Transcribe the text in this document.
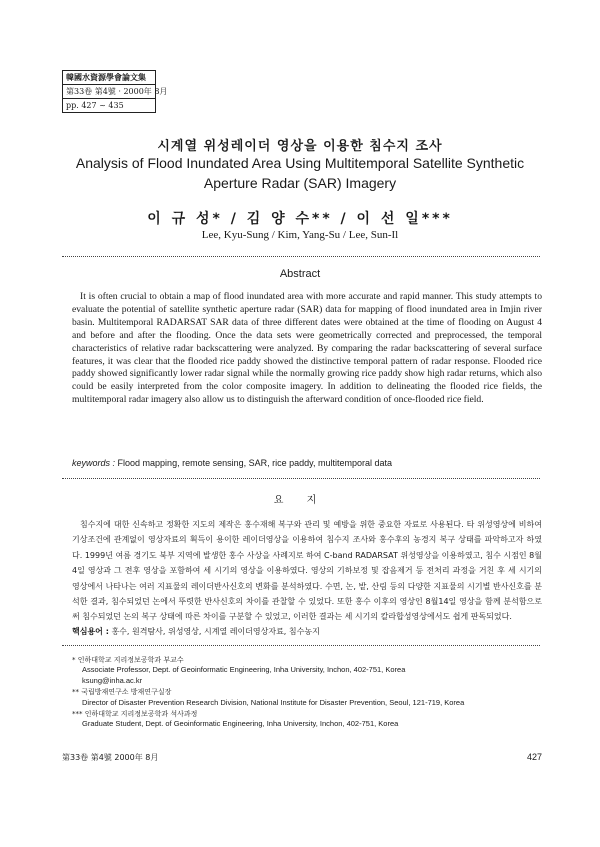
韓國水資源學會論文集
第33卷 第4號 · 2000年 8月
pp. 427 ~ 435
시계열 위성레이더 영상을 이용한 침수지 조사
Analysis of Flood Inundated Area Using Multitemporal Satellite Synthetic
Aperture Radar (SAR) Imagery
이 규 성* / 김 양 수** / 이 선 일***
Lee, Kyu-Sung / Kim, Yang-Su / Lee, Sun-Il
Abstract

It is often crucial to obtain a map of flood inundated area with more accurate and rapid manner. This study attempts to evaluate the potential of satellite synthetic aperture radar (SAR) data for mapping of flood inundated area in Imjin river basin. Multitemporal RADARSAT SAR data of three different dates were obtained at the time of flooding on August 4 and before and after the flooding. Once the data sets were geometrically corrected and preprocessed, the temporal characteristics of relative radar backscattering were analyzed. By comparing the radar backscattering of several surface features, it was clear that the flooded rice paddy showed the distinctive temporal pattern of radar response. Flooded rice paddy showed significantly lower radar signal while the normally growing rice paddy show high radar returns, which also could be easily interpreted from the color composite imagery. In addition to delineating the flooded rice fields, the multitemporal radar imagery also allow us to distinguish the afterward condition of once-flooded rice field.

keywords : Flood mapping, remote sensing, SAR, rice paddy, multitemporal data
요 지

침수지에 대한 신속하고 정확한 지도의 제작은 홍수재해 복구와 관리 및 예방을 위한 중요한 자료로 사용된다. 타 위성영상에 비하여 기상조건에 관계없이 영상자료의 획득이 용이한 레이더영상을 이용하여 침수지 조사와 홍수후의 농경지 복구 상태를 파악하고자 하였다. 1999년 여름 경기도 북부 지역에 발생한 홍수 사상을 사례지로 하여 C-band RADARSAT 위성영상을 이용하였고, 침수 시점인 8월4일 영상과 그 전후 영상을 포함하여 세 시기의 영상을 이용하였다. 영상의 기하보정 및 잡음제거 등 전처리 과정을 거친 후 세 시기의 영상에서 나타나는 여러 지표물의 레이더반사신호의 변화를 분석하였다. 수면, 논, 밭, 산림 등의 다양한 지표물의 시기별 반사신호를 분석한 결과, 침수되었던 논에서 뚜렷한 반사신호의 차이를 관찰할 수 있었다. 또한 홍수 이후의 영상인 8월14일 영상을 함께 분석함으로써 침수되었던 논의 복구 상태에 따른 차이를 구분할 수 있었고, 이러한 결과는 세 시기의 칼라합성영상에서도 쉽게 판독되었다.

핵심용어 : 홍수, 원격탐사, 위성영상, 시계열 레이더영상자료, 침수농지
* 인하대학교 지리정보공학과 부교수
Associate Professor, Dept. of Geoinformatic Engineering, Inha University, Inchon, 402-751, Korea
ksung@inha.ac.kr
** 국립방재연구소 방재연구실장
Director of Disaster Prevention Research Division, National Institute for Disaster Prevention, Seoul, 121-719, Korea
*** 인하대학교 지리정보공학과 석사과정
Graduate Student, Dept. of Geoinformatic Engineering, Inha University, Inchon, 402-751, Korea
第33卷 第4號 2000年 8月	427
